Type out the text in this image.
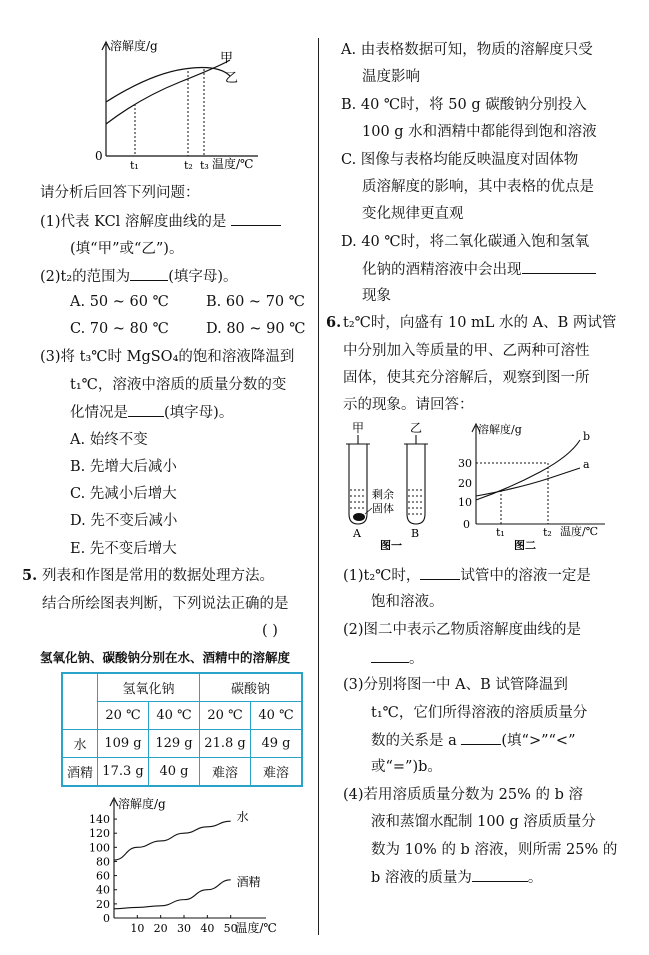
溶解度/g
甲
乙
0
t₁	t₂ t₃ 温度/℃
请分析后回答下列问题：
(1)代表 KCl 溶解度曲线的是
(填“甲”或“乙”)。
(2)t₂的范围为	(填字母)。
A. 50 ~ 60 ℃	B. 60 ~ 70 ℃
C. 70 ~ 80 ℃	D. 80 ~ 90 ℃
(3)将 t₃℃时 MgSO₄的饱和溶液降温到
t₁℃，溶液中溶质的质量分数的变
化情况是 (填字母)。
A. 始终不变
B. 先增大后减小
C. 先减小后增大
D. 先不变后减小
E. 先不变后增大
5. 列表和作图是常用的数据处理方法。
结合所绘图表判断，下列说法正确的是
( )
氢氧化钠、碳酸钠分别在水、酒精中的溶解度
	氢氧化钠		碳酸钠	
	20 ℃	40 ℃	20 ℃	40 ℃
水	109 g	129 g	21.8 g	49 g
酒精	17.3 g	40 g	难溶	难溶
溶解度/g
0
20
40
60
80
100
120
140
10 20 30 40 50
温度/℃
水
酒精
A. 由表格数据可知，物质的溶解度只受
温度影响
B. 40 ℃时，将 50 g 碳酸钠分别投入
100 g 水和酒精中都能得到饱和溶液
C. 图像与表格均能反映温度对固体物
质溶解度的影响，其中表格的优点是
变化规律更直观
D. 40 ℃时，将二氧化碳通入饱和氢氧
化钠的酒精溶液中会出现
现象
6. t₂℃时，向盛有 10 mL 水的 A、B 两试管
中分别加入等质量的甲、乙两种可溶性
固体，使其充分溶解后，观察到图一所
示的现象。请回答：
甲	乙
剩余
固体
A	B
图一
溶解度/g
b
a
30
20
10
0
t₁	t₂ 温度/℃
图二
(1)t₂℃时，	试管中的溶液一定是
饱和溶液。
(2)图二中表示乙物质溶解度曲线的是
。
(3)分别将图一中 A、B 试管降温到
t₁℃，它们所得溶液的溶质质量分
数的关系是 a	(填“>”“<”
或“=”)b。
(4)若用溶质质量分数为 25% 的 b 溶
液和蒸馏水配制 100 g 溶质质量分
数为 10% 的 b 溶液，则所需 25% 的
b 溶液的质量为	。
